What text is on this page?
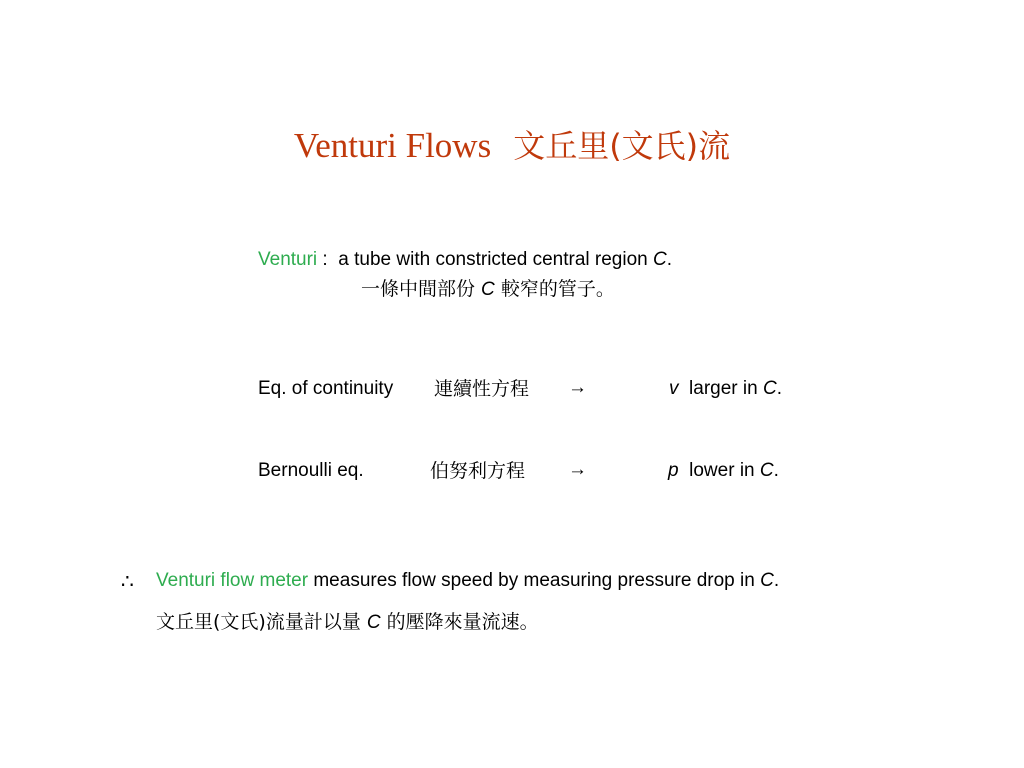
Venturi Flows 文丘里(文氏)流
Venturi :  a tube with constricted central region C.
一條中間部份 C 較窄的管子。
Eq. of continuity 連續性方程 →	v  larger in C.
Bernoulli eq.	伯努利方程 →	p  lower in C.
∴ Venturi flow meter measures flow speed by measuring pressure drop in C.
文丘里(文氏)流量計以量 C 的壓降來量流速。
